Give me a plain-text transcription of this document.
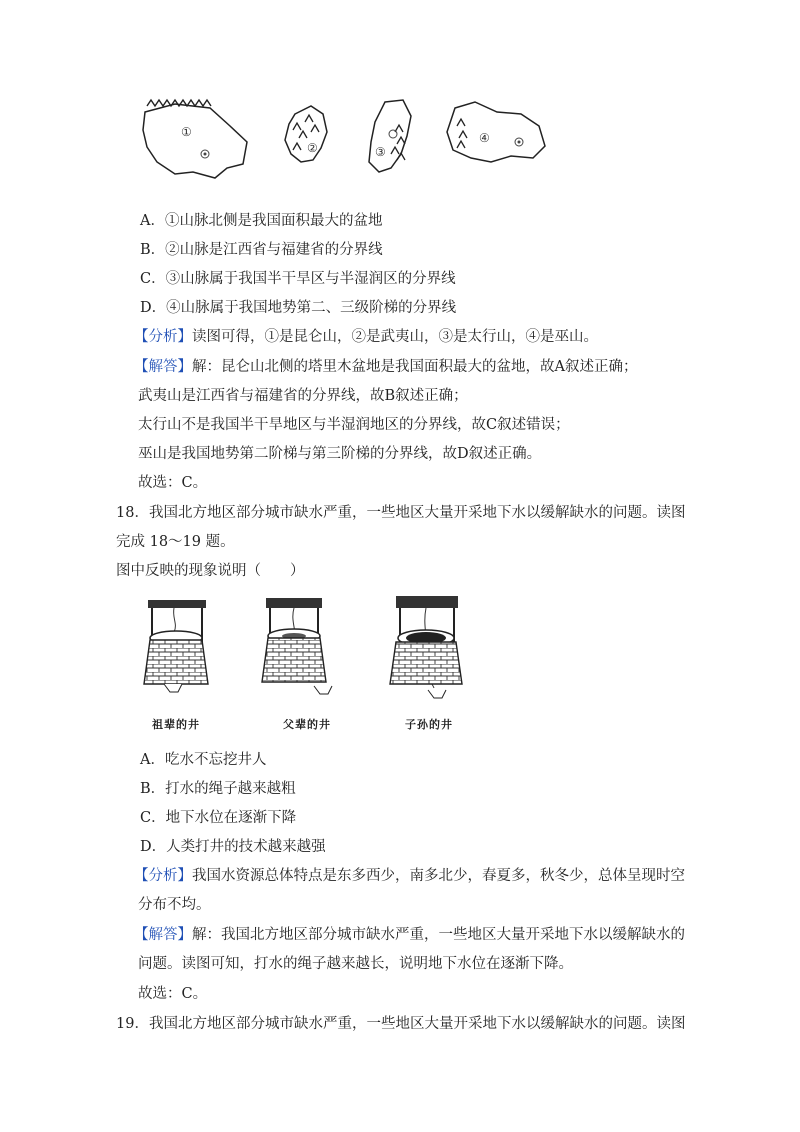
①
②	③
④
A．①山脉北侧是我国面积最大的盆地
B．②山脉是江西省与福建省的分界线
C．③山脉属于我国半干旱区与半湿润区的分界线
D．④山脉属于我国地势第二、三级阶梯的分界线
【分析】读图可得，①是昆仑山，②是武夷山，③是太行山，④是巫山。
【解答】解：昆仑山北侧的塔里木盆地是我国面积最大的盆地，故A叙述正确；
武夷山是江西省与福建省的分界线，故B叙述正确；
太行山不是我国半干旱地区与半湿润地区的分界线，故C叙述错误；
巫山是我国地势第二阶梯与第三阶梯的分界线，故D叙述正确。
故选：C。
18．我国北方地区部分城市缺水严重，一些地区大量开采地下水以缓解缺水的问题。读图
完成 18～19 题。
图中反映的现象说明（　　）
祖辈的井	父辈的井	子孙的井
A．吃水不忘挖井人
B．打水的绳子越来越粗
C．地下水位在逐渐下降
D．人类打井的技术越来越强
【分析】我国水资源总体特点是东多西少，南多北少，春夏多，秋冬少，总体呈现时空
分布不均。
【解答】解：我国北方地区部分城市缺水严重，一些地区大量开采地下水以缓解缺水的
问题。读图可知，打水的绳子越来越长，说明地下水位在逐渐下降。
故选：C。
19．我国北方地区部分城市缺水严重，一些地区大量开采地下水以缓解缺水的问题。读图
